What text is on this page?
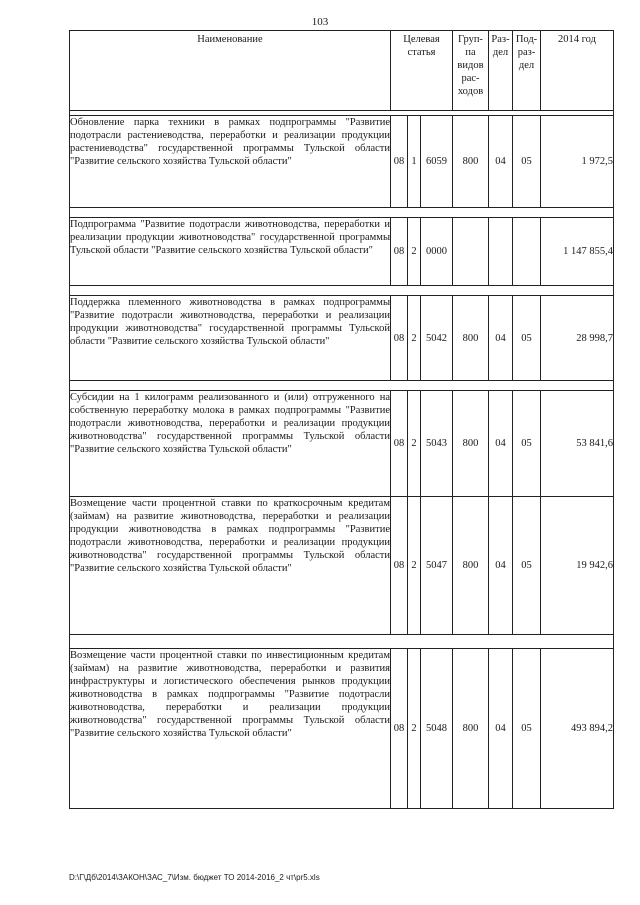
103
Наименование	Целевая статья			Груп-па видов рас-ходов	Раз-дел	Под-раз-дел	2014 год

Обновление парка техники в рамках подпрограммы "Развитие подотрасли растениеводства, переработки и реализации продукции растениеводства" государственной программы Тульской области "Развитие сельского хозяйства Тульской области"	08	1	6059	800	04	05	1 972,5

Подпрограмма "Развитие подотрасли животноводства, переработки и реализации продукции животноводства" государственной программы Тульской области "Развитие сельского хозяйства Тульской области"	08	2	0000				1 147 855,4

Поддержка племенного животноводства в рамках подпрограммы "Развитие подотрасли животноводства, переработки и реализации продукции животноводства" государственной программы Тульской области "Развитие сельского хозяйства Тульской области"	08	2	5042	800	04	05	28 998,7

Субсидии на 1 килограмм реализованного и (или) отгруженного на собственную переработку молока в рамках подпрограммы "Развитие подотрасли животноводства, переработки и реализации продукции животноводства" государственной программы Тульской области "Развитие сельского хозяйства Тульской области"	08	2	5043	800	04	05	53 841,6
Возмещение части процентной ставки по краткосрочным кредитам (займам) на развитие животноводства, переработки и реализации продукции животноводства в рамках подпрограммы "Развитие подотрасли животноводства, переработки и реализации продукции животноводства" государственной программы Тульской области "Развитие сельского хозяйства Тульской области"	08	2	5047	800	04	05	19 942,6

Возмещение части процентной ставки по инвестиционным кредитам (займам) на развитие животноводства, переработки и развития инфраструктуры и логистического обеспечения рынков продукции животноводства в рамках подпрограммы "Развитие подотрасли животноводства, переработки и реализации продукции животноводства" государственной программы Тульской области "Развитие сельского хозяйства Тульской области"	08	2	5048	800	04	05	493 894,2
D:\Г\Дб\2014\ЗАКОН\ЗАС_7\Изм. бюджет ТО 2014-2016_2 чт\pr5.xls
